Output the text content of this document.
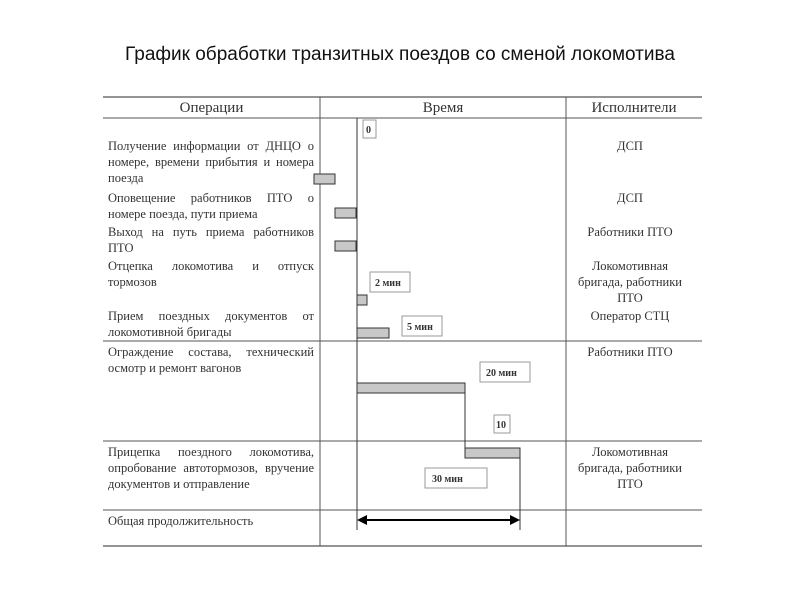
График обработки транзитных поездов со сменой локомотива
0
2 мин
5 мин
20 мин
10
30 мин
Операции	Время	Исполнители
Получение информации от ДНЦО о номере, времени прибытия и номера поезда
ДСП
Оповещение работников ПТО о номере поезда, пути приема
ДСП
Выход на путь приема работников ПТО
Работники ПТО
Отцепка локомотива и отпуск тормозов
Локомотивная бригада, работники ПТО
Прием поездных документов от локомотивной бригады
Оператор СТЦ
Ограждение состава, технический осмотр и ремонт вагонов
Работники ПТО
Прицепка поездного локомотива, опробование автотормозов, вручение документов и отправление
Локомотивная бригада, работники ПТО
Общая продолжительность
